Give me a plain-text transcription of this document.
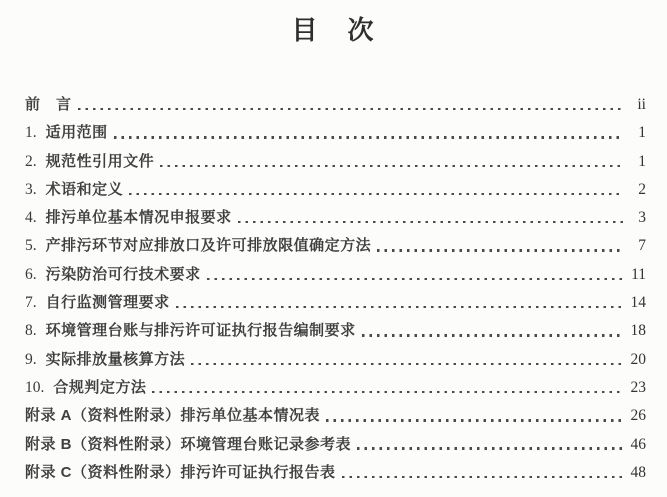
目　次
前　言	ii
1. 适用范围	1
2. 规范性引用文件	1
3. 术语和定义	2
4. 排污单位基本情况申报要求	3
5. 产排污环节对应排放口及许可排放限值确定方法	7
6. 污染防治可行技术要求	11
7. 自行监测管理要求	14
8. 环境管理台账与排污许可证执行报告编制要求	18
9. 实际排放量核算方法	20
10. 合规判定方法	23
附录 A（资料性附录）排污单位基本情况表	26
附录 B（资料性附录）环境管理台账记录参考表	46
附录 C（资料性附录）排污许可证执行报告表	48
